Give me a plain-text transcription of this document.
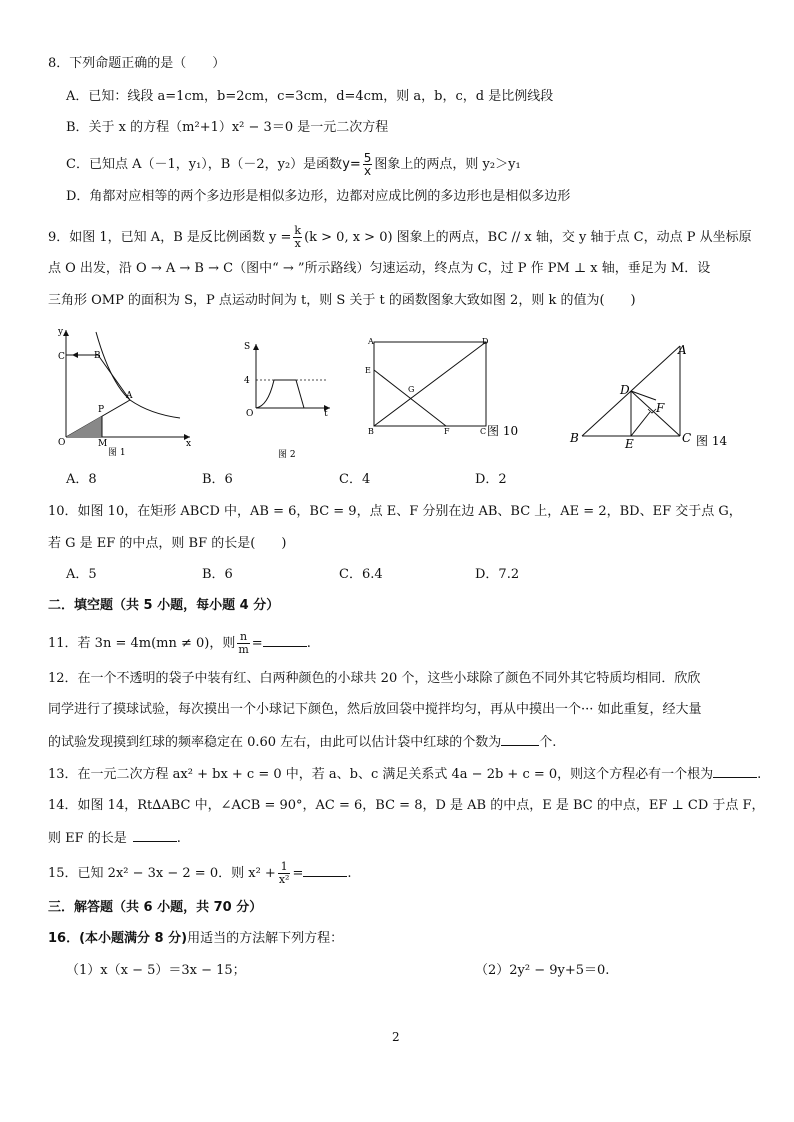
8．下列命题正确的是（　　）
A．已知：线段 a=1cm，b=2cm，c=3cm，d=4cm，则 a，b，c，d 是比例线段
B．关于 x 的方程（m²+1）x² − 3＝0 是一元二次方程
C．已知点 A（－1，y₁），B（－2，y₂）是函数$y= \frac{5}{x}$ 图象上的两点，则 y₂＞y₁
D．角都对应相等的两个多边形是相似多边形，边都对应成比例的多边形也是相似多边形
9．如图 1，已知 A，B 是反比例函数 $y = \frac{k}{x} (k > 0$, x > 0) 图象上的两点，BC // x 轴，交 y 轴于点 C，动点 P 从坐标原
点 O 出发，沿 O → A → B → C（图中“ → ”所示路线）匀速运动，终点为 C，过 P 作 PM ⊥ x 轴，垂足为 M．设
三角形 OMP 的面积为 S，P 点运动时间为 t，则 S 关于 t 的函数图象大致如图 2，则 k 的值为(　　)
y
C	B
A
P
O	M	x
图 1
S
4
O	t
图 2
A	D
E
G
B	F	C 图 10
A
D
F
B	E	C 图 14
A．8	B．6	C．4	D．2
10．如图 10，在矩形 ABCD 中，AB = 6，BC = 9，点 E、F 分别在边 AB、BC 上，AE = 2，BD、EF 交于点 G，
若 G 是 EF 的中点，则 BF 的长是(　　)
A．5	B．6	C．6.4	D．7.2
二．填空题（共 5 小题，每小题 4 分）
11．若 3n = 4m(mn ≠ 0)，则 $\frac{n}{m}$ =	.
12．在一个不透明的袋子中装有红、白两种颜色的小球共 20 个，这些小球除了颜色不同外其它特质均相同．欣欣
同学进行了摸球试验，每次摸出一个小球记下颜色，然后放回袋中搅拌均匀，再从中摸出一个··· 如此重复，经大量
的试验发现摸到红球的频率稳定在 0.60 左右，由此可以估计袋中红球的个数为	个.
13．在一元二次方程 ax² + bx + c = 0 中，若 a、b、c 满足关系式 4a − 2b + c = 0，则这个方程必有一个根为	.
14．如图 14，Rt∆ABC 中，∠ACB = 90°，AC = 6，BC = 8，D 是 AB 的中点，E 是 BC 的中点，EF ⊥ CD 于点 F，
则 EF 的长是	.
15．已知 2x² − 3x − 2 = 0．则 $x^2 + \frac{1}{\text{x²}}$ =	.
三．解答题（共 6 小题，共 70 分）
16．(本小题满分 8 分)用适当的方法解下列方程：
（1）x（x − 5）＝3x − 15；	（2）2y² − 9y+5＝0.
2
